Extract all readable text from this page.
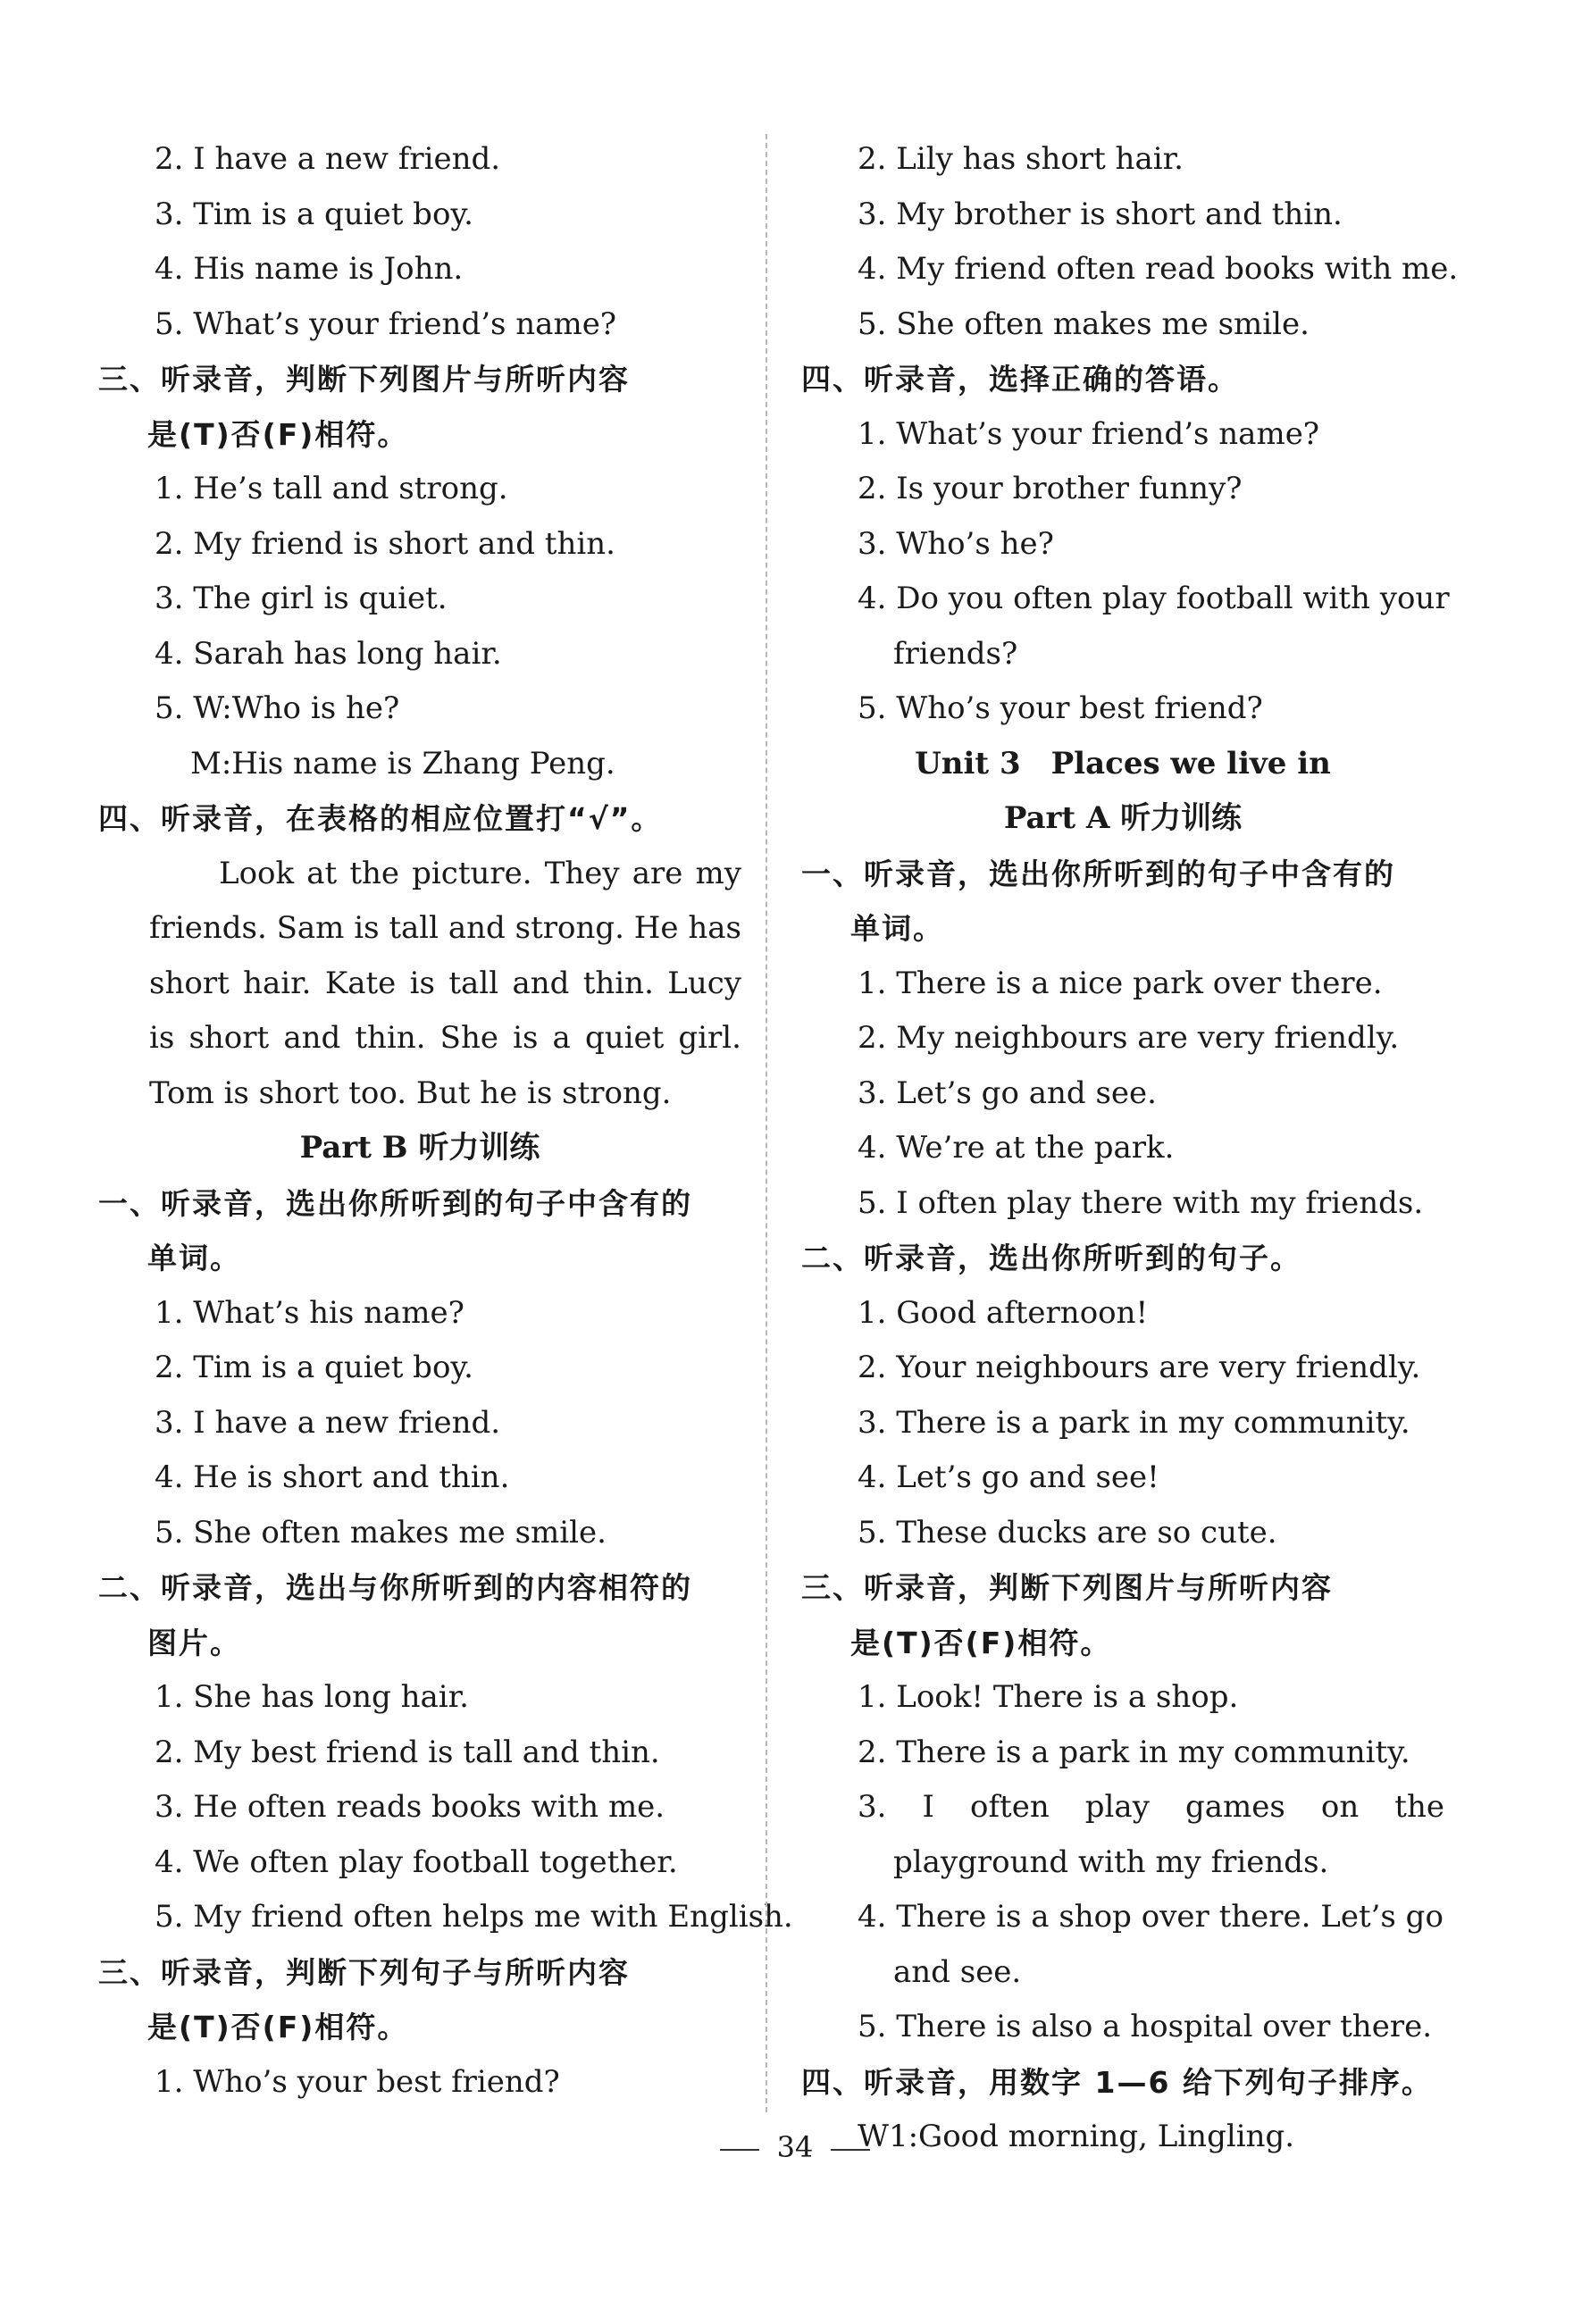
2. I have a new friend.
3. Tim is a quiet boy.
4. His name is John.
5. What’s your friend’s name?
三、听录音，判断下列图片与所听内容
是(T)否(F)相符。
1. He’s tall and strong.
2. My friend is short and thin.
3. The girl is quiet.
4. Sarah has long hair.
5. W:Who is he?
M:His name is Zhang Peng.
四、听录音，在表格的相应位置打“√”。
Look at the picture. They are my
friends. Sam is tall and strong. He has
short hair. Kate is tall and thin. Lucy
is short and thin. She is a quiet girl.
Tom is short too. But he is strong.
Part B 听力训练
一、听录音，选出你所听到的句子中含有的
单词。
1. What’s his name?
2. Tim is a quiet boy.
3. I have a new friend.
4. He is short and thin.
5. She often makes me smile.
二、听录音，选出与你所听到的内容相符的
图片。
1. She has long hair.
2. My best friend is tall and thin.
3. He often reads books with me.
4. We often play football together.
5. My friend often helps me with English.
三、听录音，判断下列句子与所听内容
是(T)否(F)相符。
1. Who’s your best friend?
2. Lily has short hair.
3. My brother is short and thin.
4. My friend often read books with me.
5. She often makes me smile.
四、听录音，选择正确的答语。
1. What’s your friend’s name?
2. Is your brother funny?
3. Who’s he?
4. Do you often play football with your
friends?
5. Who’s your best friend?
Unit 3　Places we live in
Part A 听力训练
一、听录音，选出你所听到的句子中含有的
单词。
1. There is a nice park over there.
2. My neighbours are very friendly.
3. Let’s go and see.
4. We’re at the park.
5. I often play there with my friends.
二、听录音，选出你所听到的句子。
1. Good afternoon!
2. Your neighbours are very friendly.
3. There is a park in my community.
4. Let’s go and see!
5. These ducks are so cute.
三、听录音，判断下列图片与所听内容
是(T)否(F)相符。
1. Look! There is a shop.
2. There is a park in my community.
3. I often play games on the
playground with my friends.
4. There is a shop over there. Let’s go
and see.
5. There is also a hospital over there.
四、听录音，用数字 1—6 给下列句子排序。
W1:Good morning, Lingling.
34
